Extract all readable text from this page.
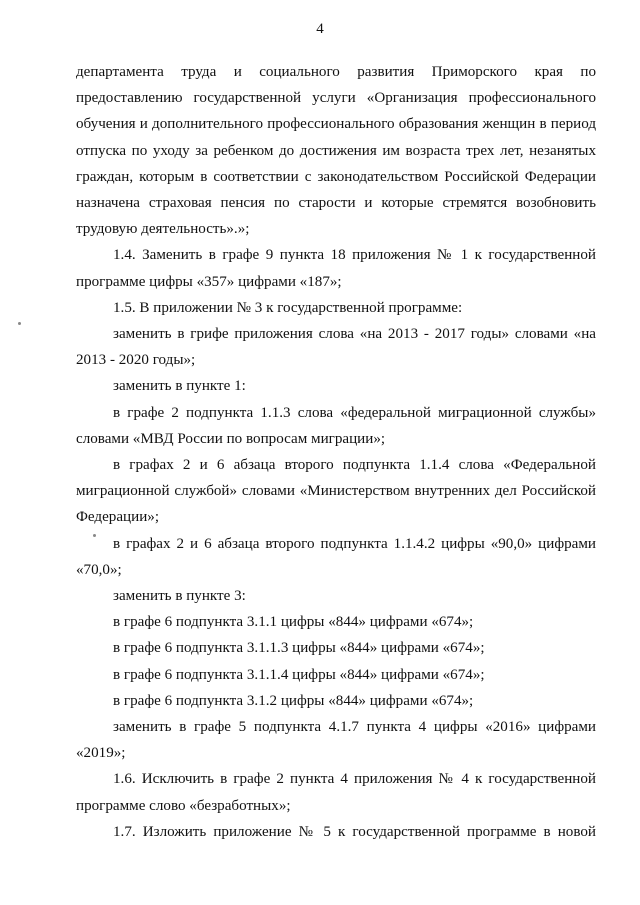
4

департамента труда и социального развития Приморского края по предоставлению государственной услуги «Организация профессионального обучения и дополнительного профессионального образования женщин в период отпуска по уходу за ребенком до достижения им возраста трех лет, незанятых граждан, которым в соответствии с законодательством Российской Федерации назначена страховая пенсия по старости и которые стремятся возобновить трудовую деятельность».»;

1.4. Заменить в графе 9 пункта 18 приложения № 1 к государственной программе цифры «357» цифрами «187»;

1.5. В приложении № 3 к государственной программе:

заменить в грифе приложения слова «на 2013 - 2017 годы» словами «на 2013 - 2020 годы»;

заменить в пункте 1:

в графе 2 подпункта 1.1.3 слова «федеральной миграционной службы» словами «МВД России по вопросам миграции»;

в графах 2 и 6 абзаца второго подпункта 1.1.4 слова «Федеральной миграционной службой» словами «Министерством внутренних дел Российской Федерации»;

в графах 2 и 6 абзаца второго подпункта 1.1.4.2 цифры «90,0» цифрами «70,0»;

заменить в пункте 3:

в графе 6 подпункта 3.1.1 цифры «844» цифрами «674»;

в графе 6 подпункта 3.1.1.3 цифры «844» цифрами «674»;

в графе 6 подпункта 3.1.1.4 цифры «844» цифрами «674»;

в графе 6 подпункта 3.1.2 цифры «844» цифрами «674»;

заменить в графе 5 подпункта 4.1.7 пункта 4 цифры «2016» цифрами «2019»;

1.6. Исключить в графе 2 пункта 4 приложения № 4 к государственной программе слово «безработных»;

1.7. Изложить приложение № 5 к государственной программе в новой
